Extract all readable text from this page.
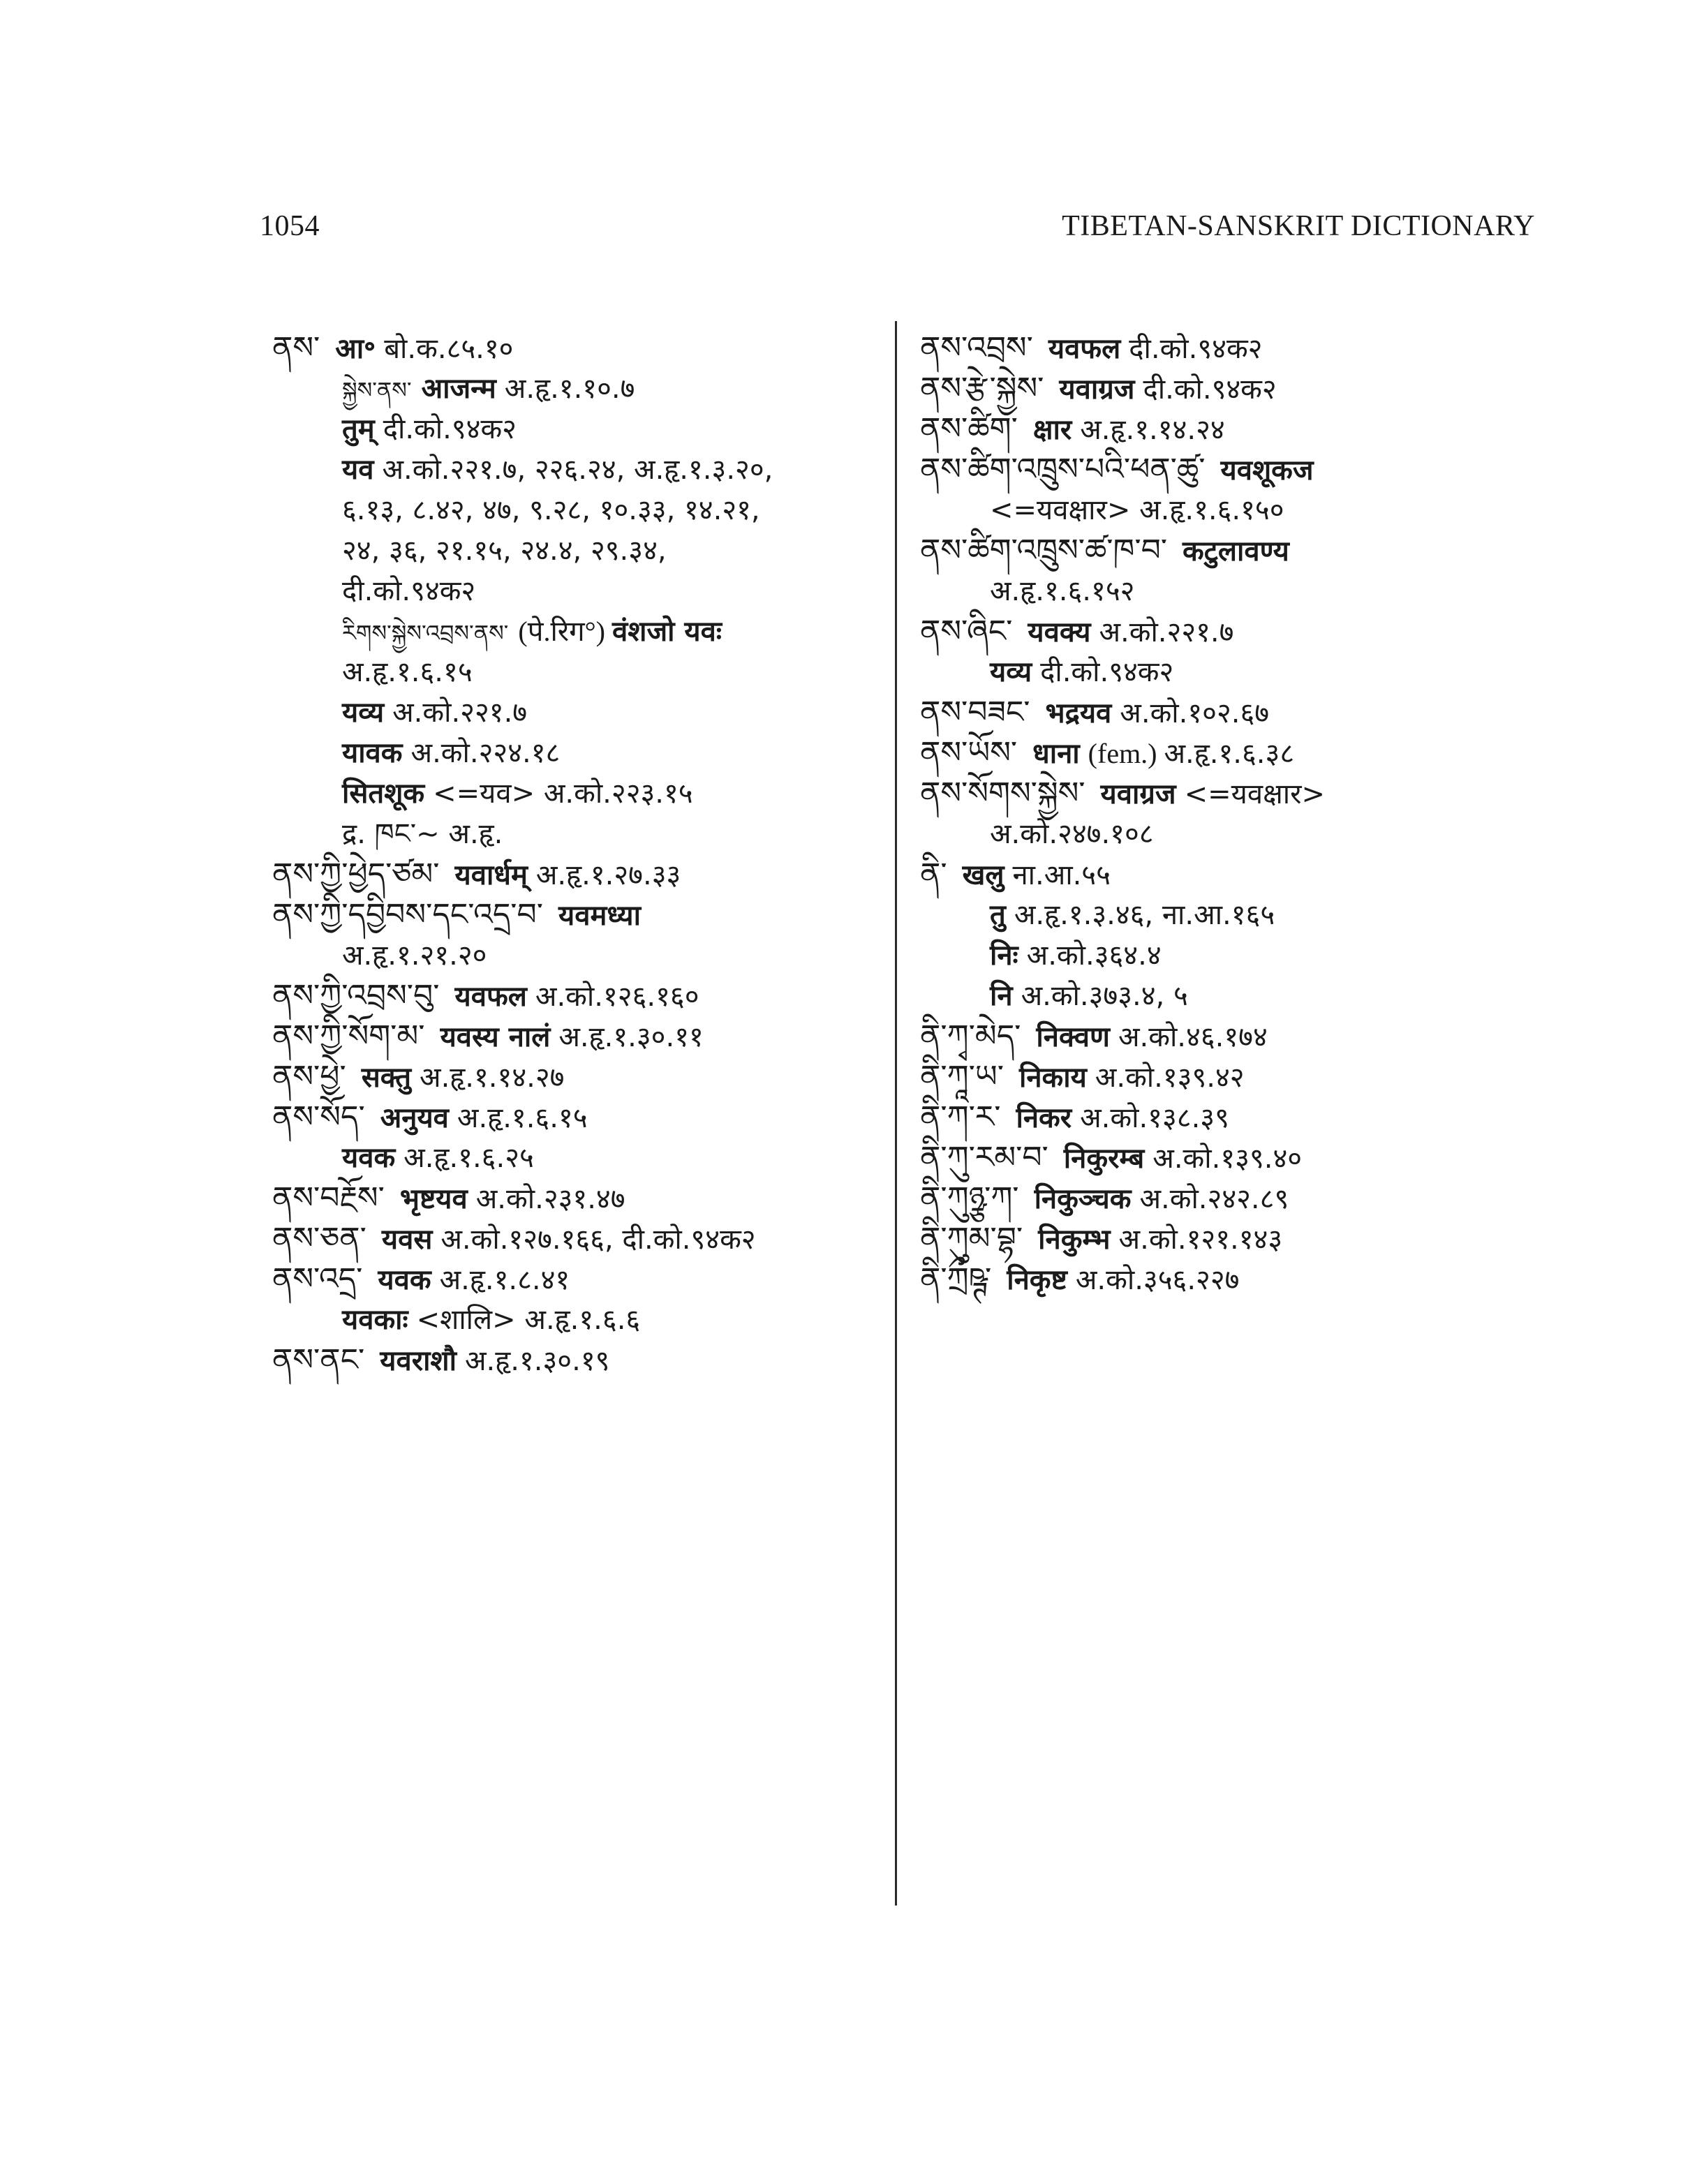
1054	TIBETAN-SANSKRIT DICTIONARY
ནས་ आ॰ बो.क.८५.१०
སྐྱེས་ནས་ आजन्म अ.हृ.१.१०.७
तुम् दी.को.९४क२
यव अ.को.२२१.७, २२६.२४, अ.हृ.१.३.२०,
६.१३, ८.४२, ४७, ९.२८, १०.३३, १४.२१,
२४, ३६, २१.१५, २४.४, २९.३४,
दी.को.९४क२
རིགས་སྐྱེས་འབྲས་ནས་ (पे.रिग°) वंशजो यवः
अ.हृ.१.६.१५
यव्य अ.को.२२१.७
यावक अ.को.२२४.१८
सितशूक <=यव> अ.को.२२३.१५
द्र. ཁང་~ अ.हृ.
ནས་ཀྱི་ཕྱེད་ཙམ་ यवार्धम् अ.हृ.१.२७.३३
ནས་ཀྱི་དབྱིབས་དང་འདྲ་བ་ यवमध्या
अ.हृ.१.२१.२०
ནས་ཀྱི་འབྲས་བུ་ यवफल अ.को.१२६.१६०
ནས་ཀྱི་སོག་མ་ यवस्य नालं अ.हृ.१.३०.११
ནས་ཕྱེ་ सक्तु अ.हृ.१.१४.२७
ནས་སོད་ अनुयव अ.हृ.१.६.१५
यवक अ.हृ.१.६.२५
ནས་བརྔོས་ भृष्टयव अ.को.२३१.४७
ནས་ཅན་ यवस अ.को.१२७.१६६, दी.को.९४क२
ནས་འདྲ་ यवक अ.हृ.१.८.४१
यवकाः <शालि> अ.हृ.१.६.६
ནས་ནང་ यवराशौ अ.हृ.१.३०.१९
ནས་འབྲས་ यवफल दी.को.९४क२
ནས་རྩེ་སྐྱེས་ यवाग्रज दी.को.९४क२
ནས་ཚིག་ क्षार अ.हृ.१.१४.२४
ནས་ཚིག་འཁྲུས་པའི་ཕན་ཚུ་ यवशूकज
<=यवक्षार> अ.हृ.१.६.१५०
ནས་ཚིག་འཁྲུས་ཚ་ཁ་བ་ कटुलावण्य
अ.हृ.१.६.१५२
ནས་ཞིང་ यवक्य अ.को.२२१.७
यव्य दी.को.९४क२
ནས་བཟང་ भद्रयव अ.को.१०२.६७
ནས་ཡོས་ धाना (fem.) अ.हृ.१.६.३८
ནས་སོགས་སྐྱེས་ यवाग्रज <=यवक्षार>
अ.को.२४७.१०८
ནི་ खलु ना.आ.५५
तु अ.हृ.१.३.४६, ना.आ.१६५
निः अ.को.३६४.४
नि अ.को.३७३.४, ५
ནི་ཀྭ་མེད་ निक्वण अ.को.४६.१७४
ནི་ཀཱ་ཡ་ निकाय अ.को.१३९.४२
ནི་ཀ་ར་ निकर अ.को.१३८.३९
ནི་ཀུ་རམ་བ་ निकुरम्ब अ.को.१३९.४०
ནི་ཀུཉྩ་ཀ་ निकुञ्चक अ.को.२४२.८९
ནི་ཀུམ་བྷ་ निकुम्भ अ.को.१२१.१४३
ནི་ཀྲྀཥྚ་ निकृष्ट अ.को.३५६.२२७
